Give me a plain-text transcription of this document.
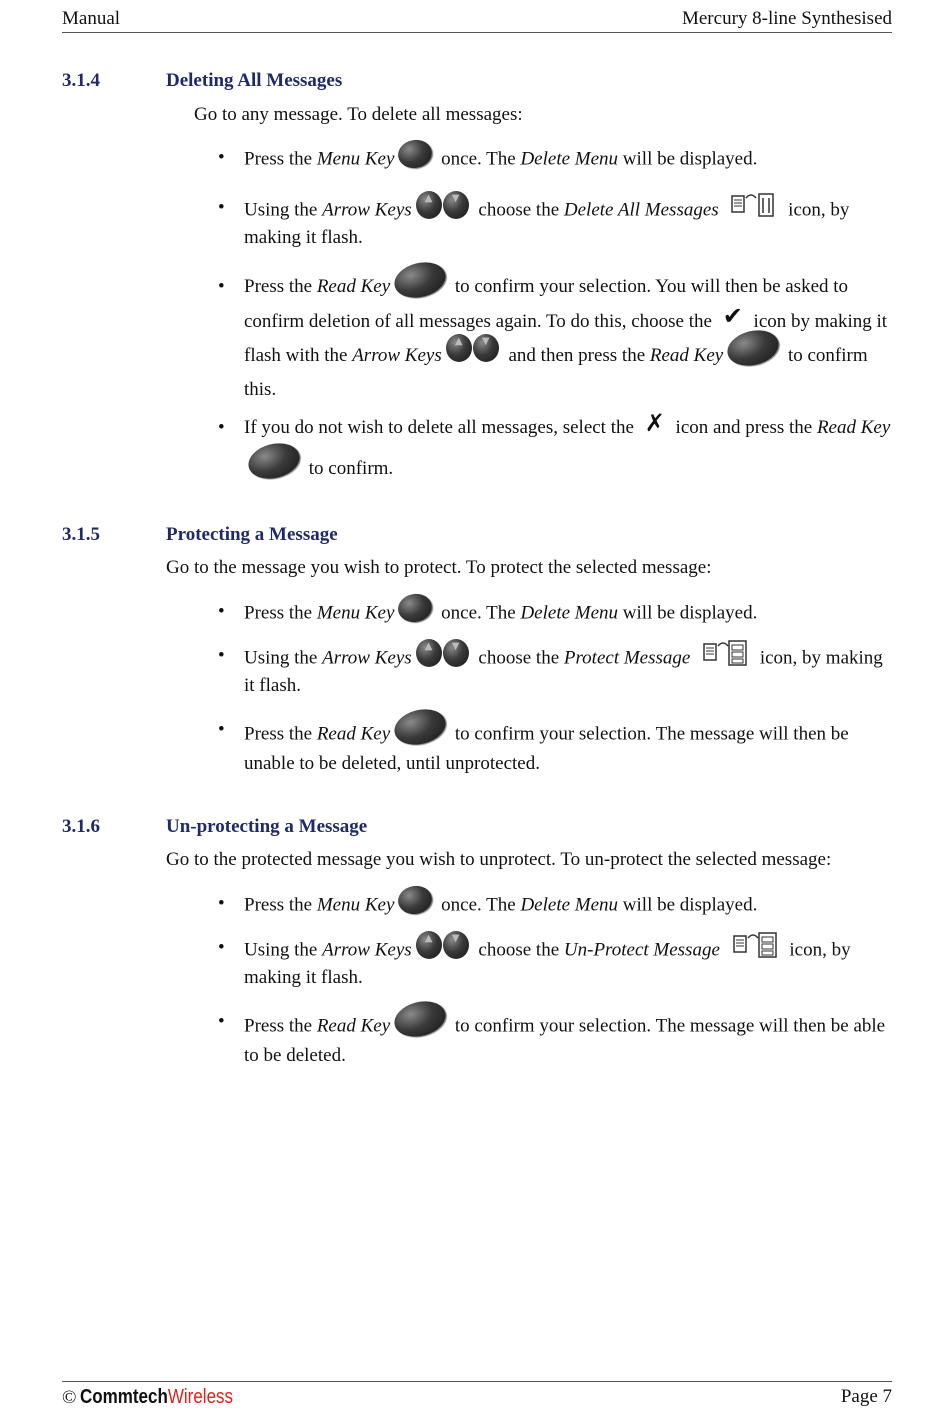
Manual	Mercury 8-line Synthesised
3.1.4	Deleting All Messages
Go to any message. To delete all messages:
• Press the Menu Key once. The Delete Menu will be displayed.
• Using the Arrow Keys▲ ▼ choose the Delete All Messages	icon, by making it flash.
• Press the Read Key	to confirm your selection. You will then be asked to confirm deletion of all messages again. To do this, choose the ✔ icon by making it flash with the Arrow Keys▲ ▼ and then press the Read Key	to confirm this.
• If you do not wish to delete all messages, select the ✗ icon and press the Read Key to confirm.
3.1.5	Protecting a Message
Go to the message you wish to protect. To protect the selected message:
• Press the Menu Key once. The Delete Menu will be displayed.
• Using the Arrow Keys▲ ▼ choose the Protect Message	icon, by making it flash.
• Press the Read Key	to confirm your selection. The message will then be unable to be deleted, until unprotected.
3.1.6	Un-protecting a Message
Go to the protected message you wish to unprotect. To un-protect the selected message:
• Press the Menu Key once. The Delete Menu will be displayed.
• Using the Arrow Keys▲ ▼ choose the Un-Protect Message	icon, by making it flash.
• Press the Read Key	to confirm your selection. The message will then be able to be deleted.
© CommtechWireless	Page 7
